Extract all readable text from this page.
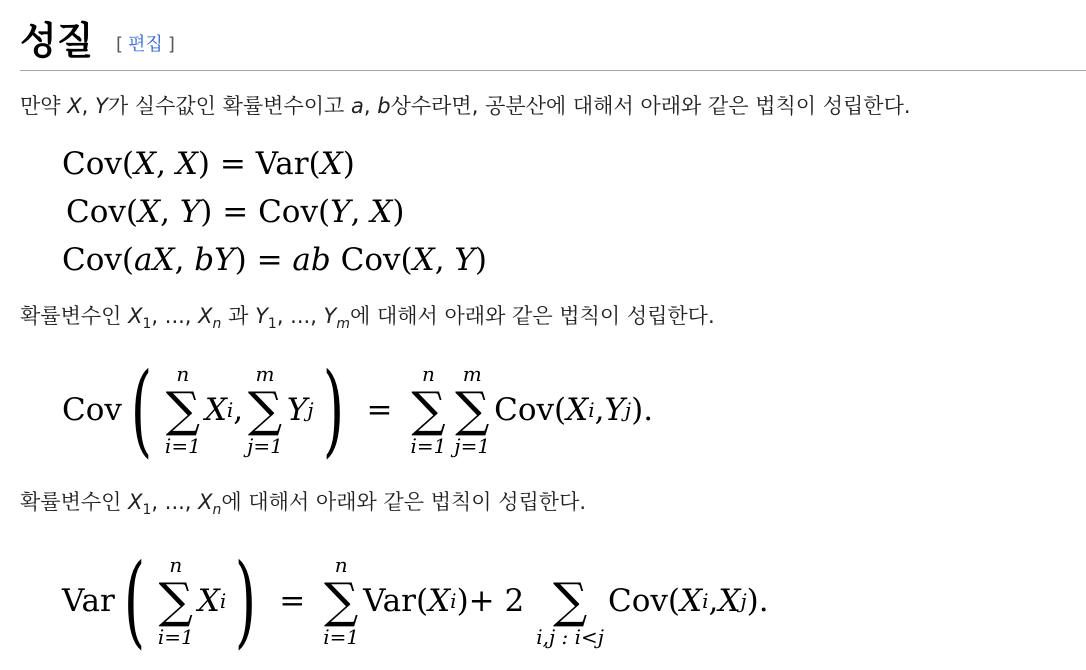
성질 [ 편집 ]
만약 X, Y가 실수값인 확률변수이고 a, b상수라면, 공분산에 대해서 아래와 같은 법칙이 성립한다.
Cov(X, X) = Var(X)
Cov(X, Y) = Cov(Y, X)
Cov(aX, bY) = ab Cov(X, Y)
확률변수인 $X_1$, ..., $X_n$ 과 $Y_1$, ..., $Y_m$에 대해서 아래와 같은 법칙이 성립한다.
Cov ( n
∑
i=1
X i ,
m
∑
j=1
Y j ) =
n
∑
i=1
m
∑
j=1
Cov ( X i , Y j ).
확률변수인 $X_1$, ..., $X_n$에 대해서 아래와 같은 법칙이 성립한다.
Var ( n
∑
i=1
X i ) =
n
∑
i=1
Var ( X i ) + 2
∑
i,j : i<j
Cov ( X i , X j ).
